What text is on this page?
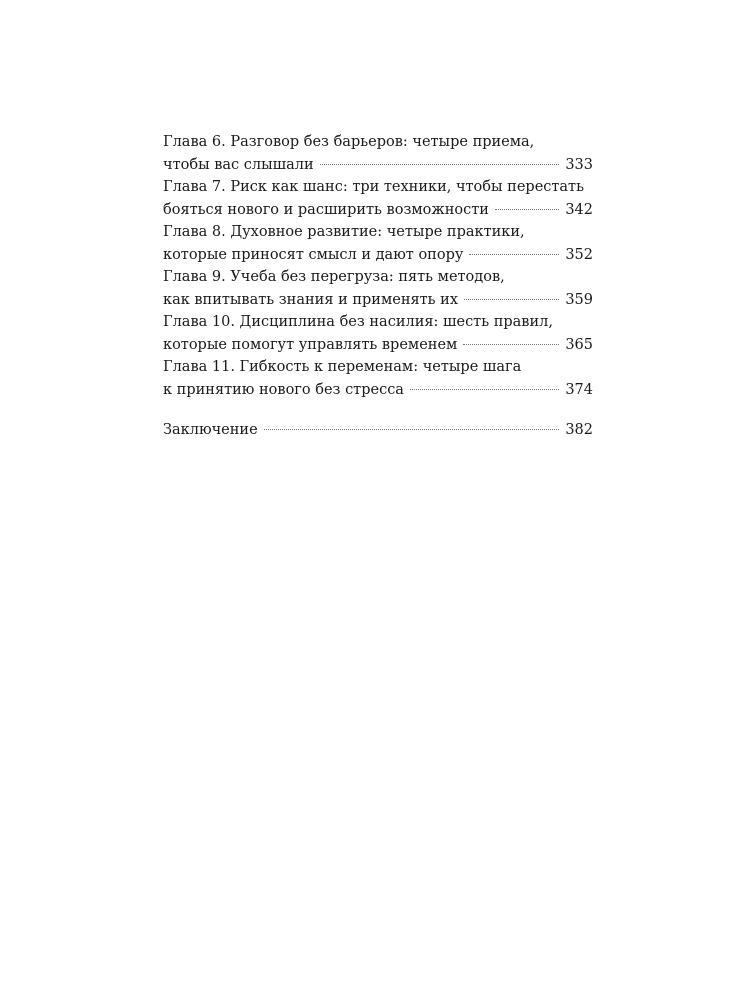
Глава 6. Разговор без барьеров: четыре приема,
чтобы вас слышали	333
Глава 7. Риск как шанс: три техники, чтобы перестать
бояться нового и расширить возможности	342
Глава 8. Духовное развитие: четыре практики,
которые приносят смысл и дают опору	352
Глава 9. Учеба без перегруза: пять методов,
как впитывать знания и применять их	359
Глава 10. Дисциплина без насилия: шесть правил,
которые помогут управлять временем	365
Глава 11. Гибкость к переменам: четыре шага
к принятию нового без стресса	374
Заключение	382
